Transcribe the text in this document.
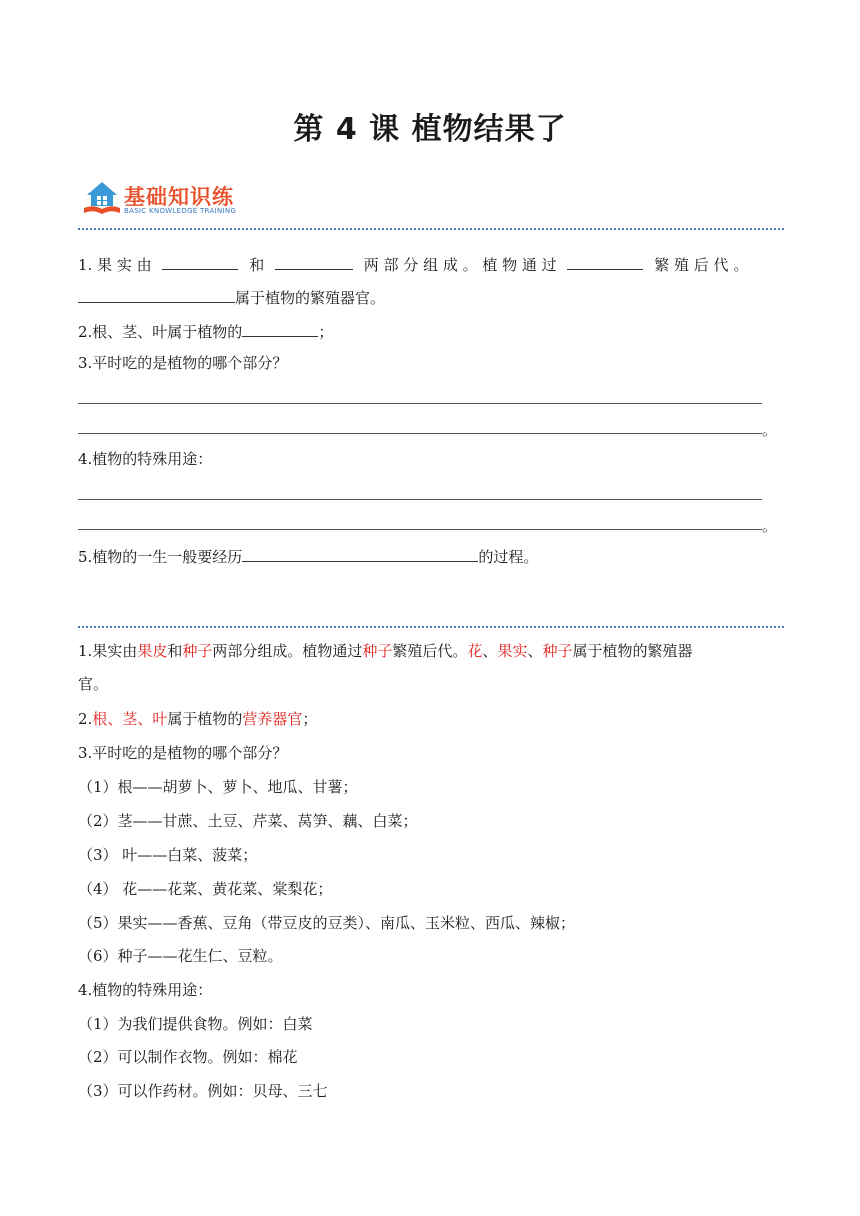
第 4 课 植物结果了
基础知识练
BASIC KNOWLEDGE TRAINING
1. 果 实 由	和	两 部 分 组 成 。 植 物 通 过	繁 殖 后 代 。
属于植物的繁殖器官。
2.根、茎、叶属于植物的	；
3.平时吃的是植物的哪个部分？
。
4.植物的特殊用途：
。
5.植物的一生一般要经历	的过程。
1.果实由果皮和种子两部分组成。植物通过种子繁殖后代。花、果实、种子属于植物的繁殖器
官。
2.根、茎、叶属于植物的营养器官；
3.平时吃的是植物的哪个部分？
（1）根——胡萝卜、萝卜、地瓜、甘薯；
（2）茎——甘蔗、土豆、芹菜、莴笋、藕、白菜；
（3） 叶——白菜、菠菜；
（4） 花——花菜、黄花菜、棠梨花；
（5）果实——香蕉、豆角（带豆皮的豆类）、南瓜、玉米粒、西瓜、辣椒；
（6）种子——花生仁、豆粒。
4.植物的特殊用途：
（1）为我们提供食物。例如：白菜
（2）可以制作衣物。例如：棉花
（3）可以作药材。例如：贝母、三七
